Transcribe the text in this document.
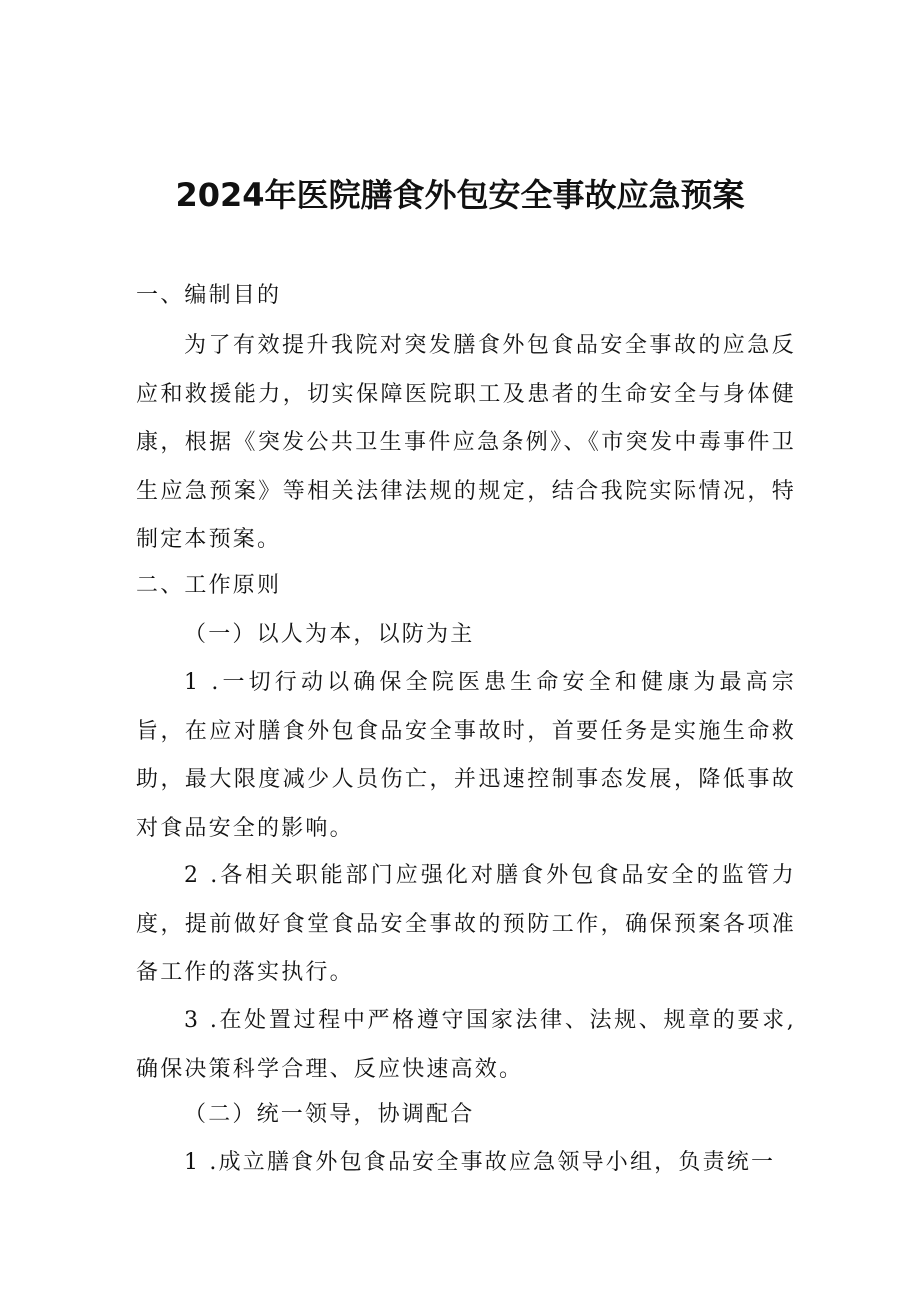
2024年医院膳食外包安全事故应急预案
一、编制目的

为了有效提升我院对突发膳食外包食品安全事故的应急反应和救援能力，切实保障医院职工及患者的生命安全与身体健康，根据《突发公共卫生事件应急条例》、《市突发中毒事件卫生应急预案》等相关法律法规的规定，结合我院实际情况，特制定本预案。

二、工作原则
（一）以人为本，以防为主

1 .一切行动以确保全院医患生命安全和健康为最高宗旨，在应对膳食外包食品安全事故时，首要任务是实施生命救助，最大限度减少人员伤亡，并迅速控制事态发展，降低事故对食品安全的影响。

2 .各相关职能部门应强化对膳食外包食品安全的监管力度，提前做好食堂食品安全事故的预防工作，确保预案各项准备工作的落实执行。

3 .在处置过程中严格遵守国家法律、法规、规章的要求,确保决策科学合理、反应快速高效。

（二）统一领导，协调配合

1 .成立膳食外包食品安全事故应急领导小组，负责统一
